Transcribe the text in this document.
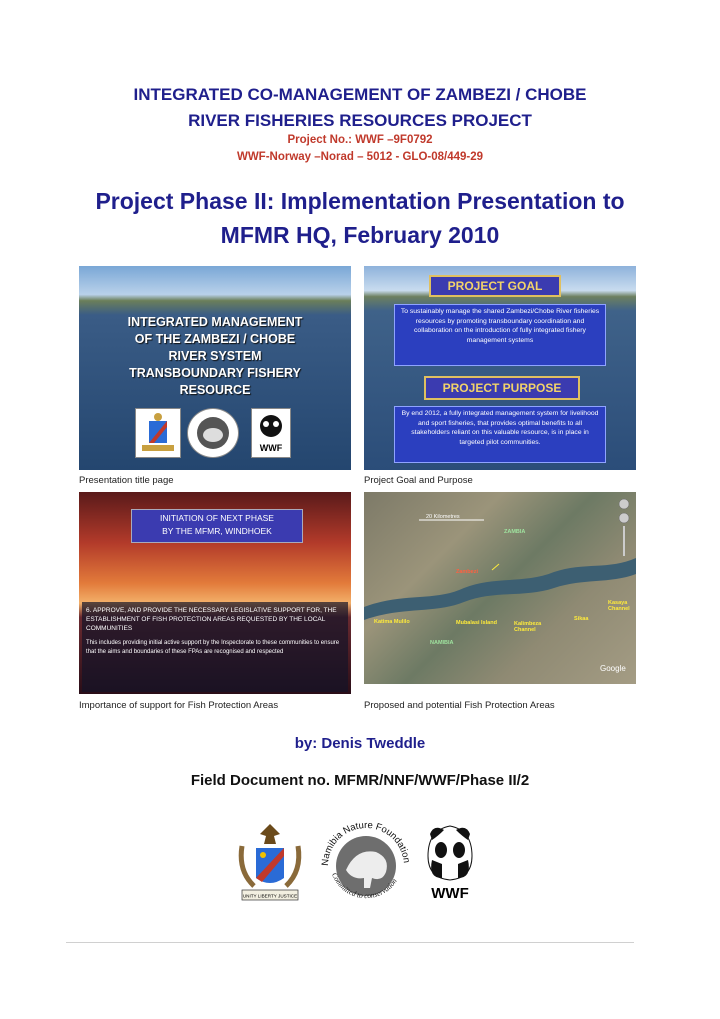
INTEGRATED CO-MANAGEMENT OF ZAMBEZI / CHOBE
RIVER FISHERIES RESOURCES PROJECT
Project No.: WWF –9F0792
WWF-Norway –Norad – 5012 - GLO-08/449-29
Project Phase II: Implementation Presentation to
MFMR HQ, February 2010
INTEGRATED MANAGEMENT
OF THE ZAMBEZI / CHOBE
RIVER SYSTEM
TRANSBOUNDARY FISHERY
RESOURCE
WWF
Presentation title page
PROJECT GOAL
To sustainably manage the shared Zambezi/Chobe River fisheries resources by promoting transboundary coordination and collaboration on the introduction of fully integrated fishery management systems
By end 2012, a fully integrated management system for livelihood and sport fisheries, that provides optimal benefits to all stakeholders reliant on this valuable resource, is in place in targeted pilot communities.
PROJECT PURPOSE
Project Goal and Purpose
INITIATION OF NEXT PHASE
BY THE MFMR, WINDHOEK
6. APPROVE, AND PROVIDE THE NECESSARY LEGISLATIVE SUPPORT FOR, THE ESTABLISHMENT OF FISH PROTECTION AREAS REQUESTED BY THE LOCAL COMMUNITIES
This includes providing initial active support by the Inspectorate to these communities to ensure that the aims and boundaries of these FPAs are recognised and respected
Importance of support for Fish Protection Areas
20 Kilometres
ZAMBIA
Zambezi
Katima Mulilo	Mubalasi Island	Kalimbeza Channel
Sikaa
Kasaya Channel
NAMIBIA
Google
Proposed and potential Fish Protection Areas
by: Denis Tweddle
Field Document no. MFMR/NNF/WWF/Phase II/2
UNITY LIBERTY JUSTICE
Namibia Nature Foundation
Committed to conservation
WWF
